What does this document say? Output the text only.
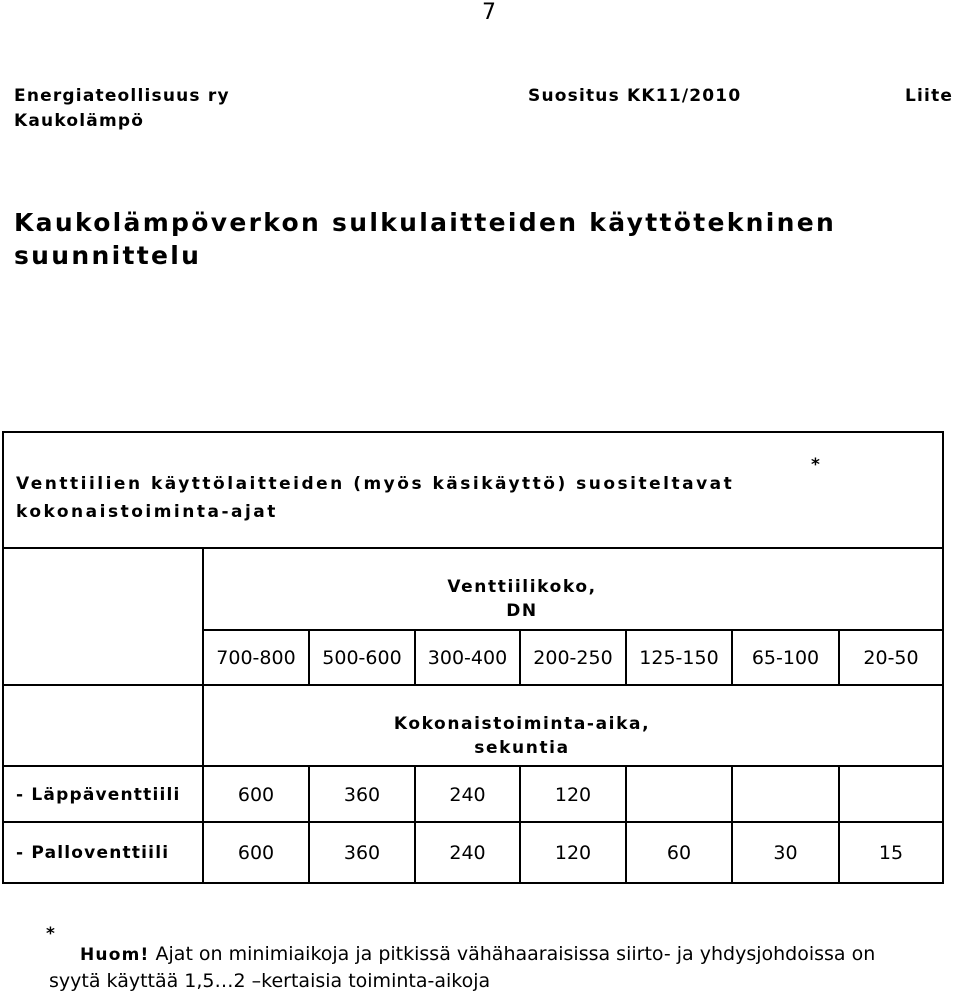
7
Energiateollisuus ry	Suositus KK11/2010	Liite
Kaukolämpö
Kaukolämpöverkon sulkulaitteiden käyttötekninen suunnittelu
Venttiilien käyttölaitteiden (myös käsikäyttö) suositeltavat kokonaistoiminta-ajat
*
Venttiilikoko,
DN
700-800	500-600	300-400	200-250	125-150	65-100	20-50
Kokonaistoiminta-aika,
sekuntia
- Läppäventtiili	600	360	240	120
- Palloventtiili	600	360	240	120	60	30	15
*
Huom! Ajat on minimiaikoja ja pitkissä vähähaaraisissa siirto- ja yhdysjohdoissa on
syytä käyttää 1,5…2 –kertaisia toiminta-aikoja
